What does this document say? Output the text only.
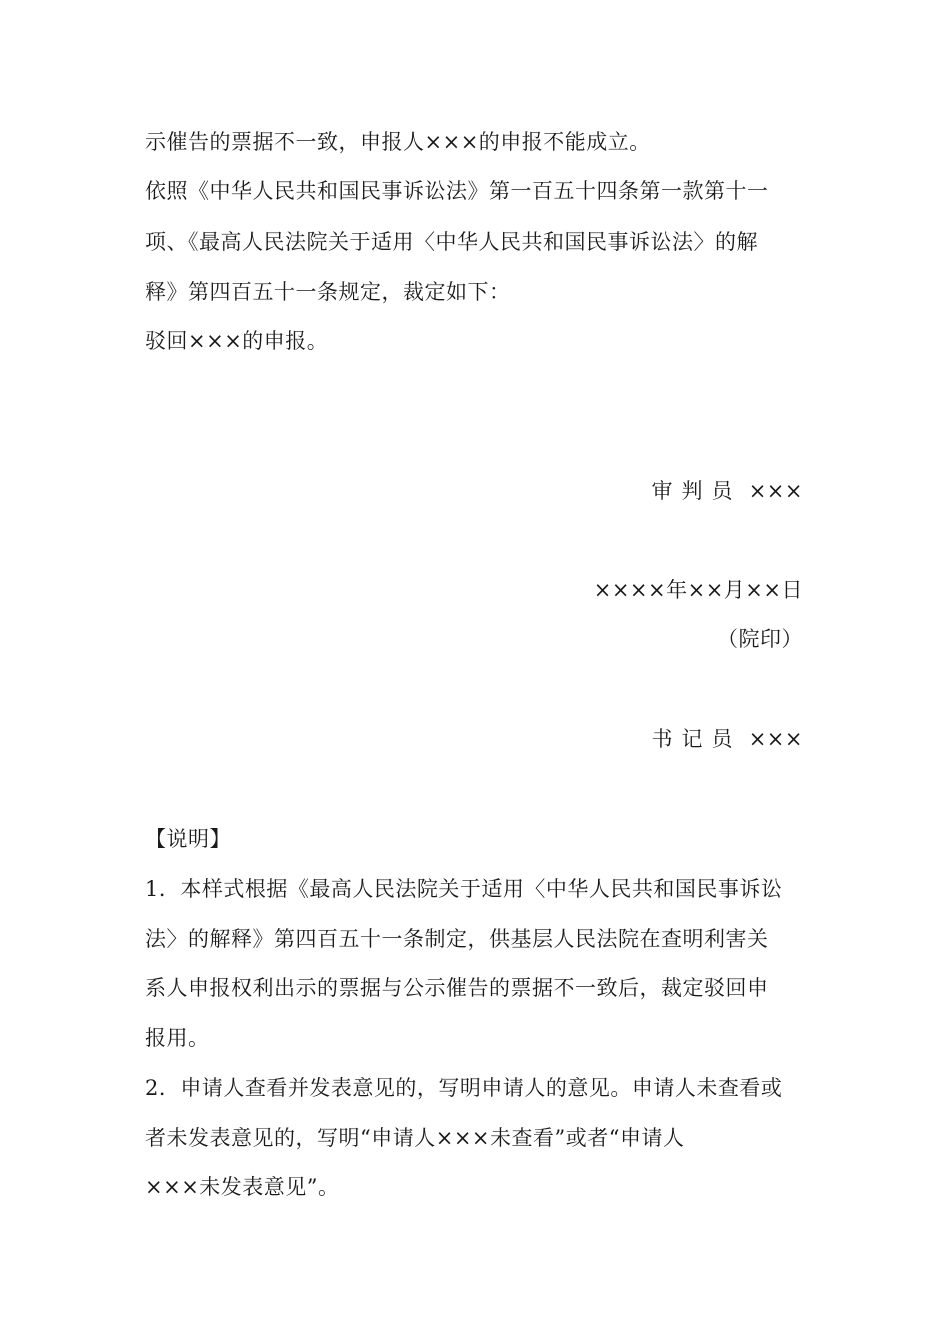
示催告的票据不一致，申报人×××的申报不能成立。
依照《中华人民共和国民事诉讼法》第一百五十四条第一款第十一
项、《最高人民法院关于适用〈中华人民共和国民事诉讼法〉的解
释》第四百五十一条规定，裁定如下：
驳回×××的申报。
审判员 ×××
××××年××月××日
（院印）
书记员 ×××
【说明】
1．本样式根据《最高人民法院关于适用〈中华人民共和国民事诉讼
法〉的解释》第四百五十一条制定，供基层人民法院在查明利害关
系人申报权利出示的票据与公示催告的票据不一致后，裁定驳回申
报用。
2．申请人查看并发表意见的，写明申请人的意见。申请人未查看或
者未发表意见的，写明“申请人×××未查看”或者“申请人
×××未发表意见”。
